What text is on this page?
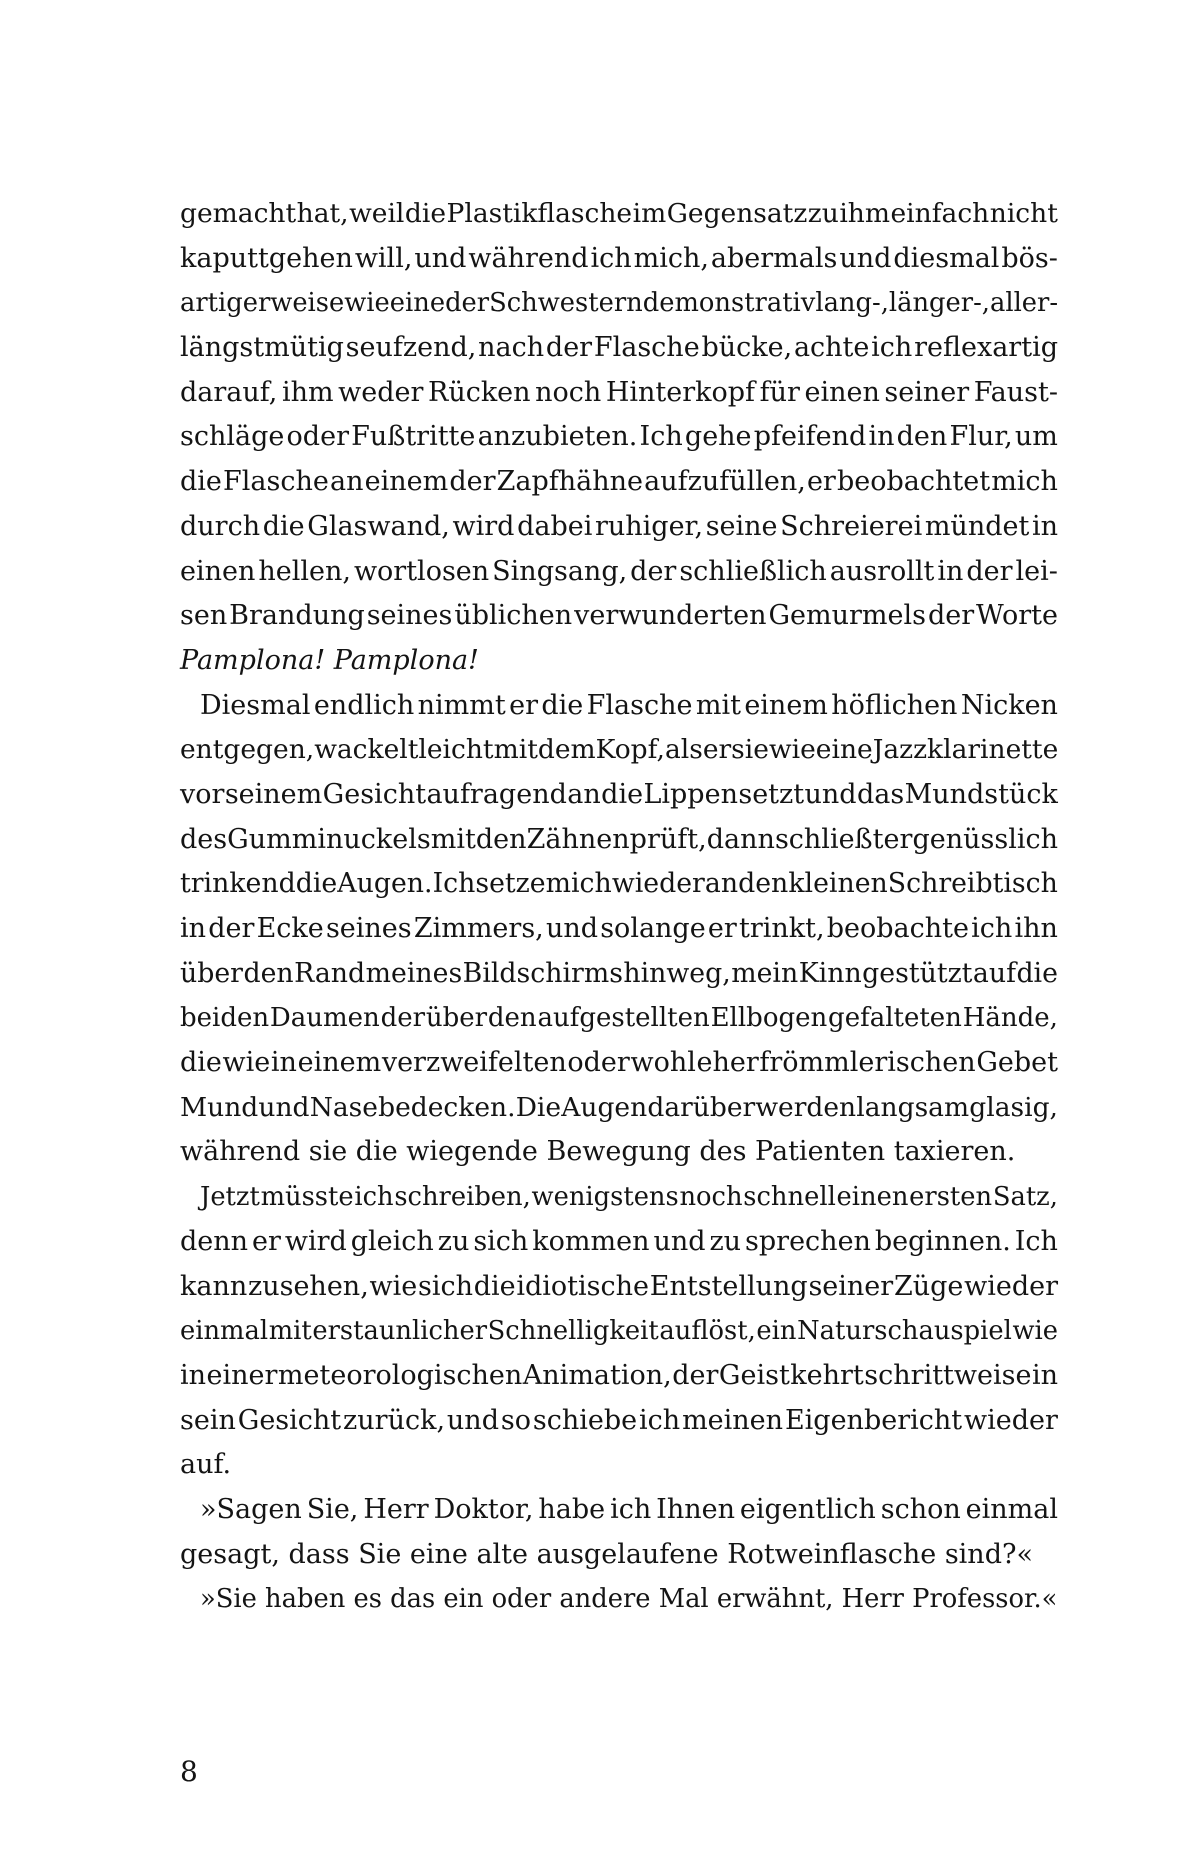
gemacht hat, weil die Plastikflasche im Gegensatz zu ihm einfach nicht
kaputtgehen will, und während ich mich, abermals und diesmal bös-
artigerweise wie eine der Schwestern demonstrativ lang-, länger-, aller-
längstmütig seufzend, nach der Flasche bücke, achte ich reflexartig
darauf, ihm weder Rücken noch Hinterkopf für einen seiner Faust-
schläge oder Fußtritte anzubieten. Ich gehe pfeifend in den Flur, um
die Flasche an einem der Zapfhähne aufzufüllen, er beobachtet mich
durch die Glaswand, wird dabei ruhiger, seine Schreierei mündet in
einen hellen, wortlosen Singsang, der schließlich ausrollt in der lei-
sen Brandung seines üblichen verwunderten Gemurmels der Worte
Pamplona! Pamplona!
Diesmal endlich nimmt er die Flasche mit einem höflichen Nicken
entgegen, wackelt leicht mit dem Kopf, als er sie wie eine Jazzklarinette
vor seinem Gesicht aufragend an die Lippen setzt und das Mundstück
des Gumminuckels mit den Zähnen prüft, dann schließt er genüsslich
trinkend die Augen. Ich setze mich wieder an den kleinen Schreibtisch
in der Ecke seines Zimmers, und solange er trinkt, beobachte ich ihn
über den Rand meines Bildschirms hinweg, mein Kinn gestützt auf die
beiden Daumen der über den aufgestellten Ellbogen gefalteten Hände,
die wie in einem verzweifelten oder wohl eher frömmlerischen Gebet
Mund und Nase bedecken. Die Augen darüber werden langsam glasig,
während sie die wiegende Bewegung des Patienten taxieren.
Jetzt müsste ich schreiben, wenigstens noch schnell einen ersten Satz,
denn er wird gleich zu sich kommen und zu sprechen beginnen. Ich
kann zusehen, wie sich die idiotische Entstellung seiner Züge wieder
einmal mit erstaunlicher Schnelligkeit auflöst, ein Naturschauspiel wie
in einer meteorologischen Animation, der Geist kehrt schrittweise in
sein Gesicht zurück, und so schiebe ich meinen Eigenbericht wieder
auf.
»Sagen Sie, Herr Doktor, habe ich Ihnen eigentlich schon einmal
gesagt, dass Sie eine alte ausgelaufene Rotweinflasche sind?«
»Sie haben es das ein oder andere Mal erwähnt, Herr Professor.«
8
